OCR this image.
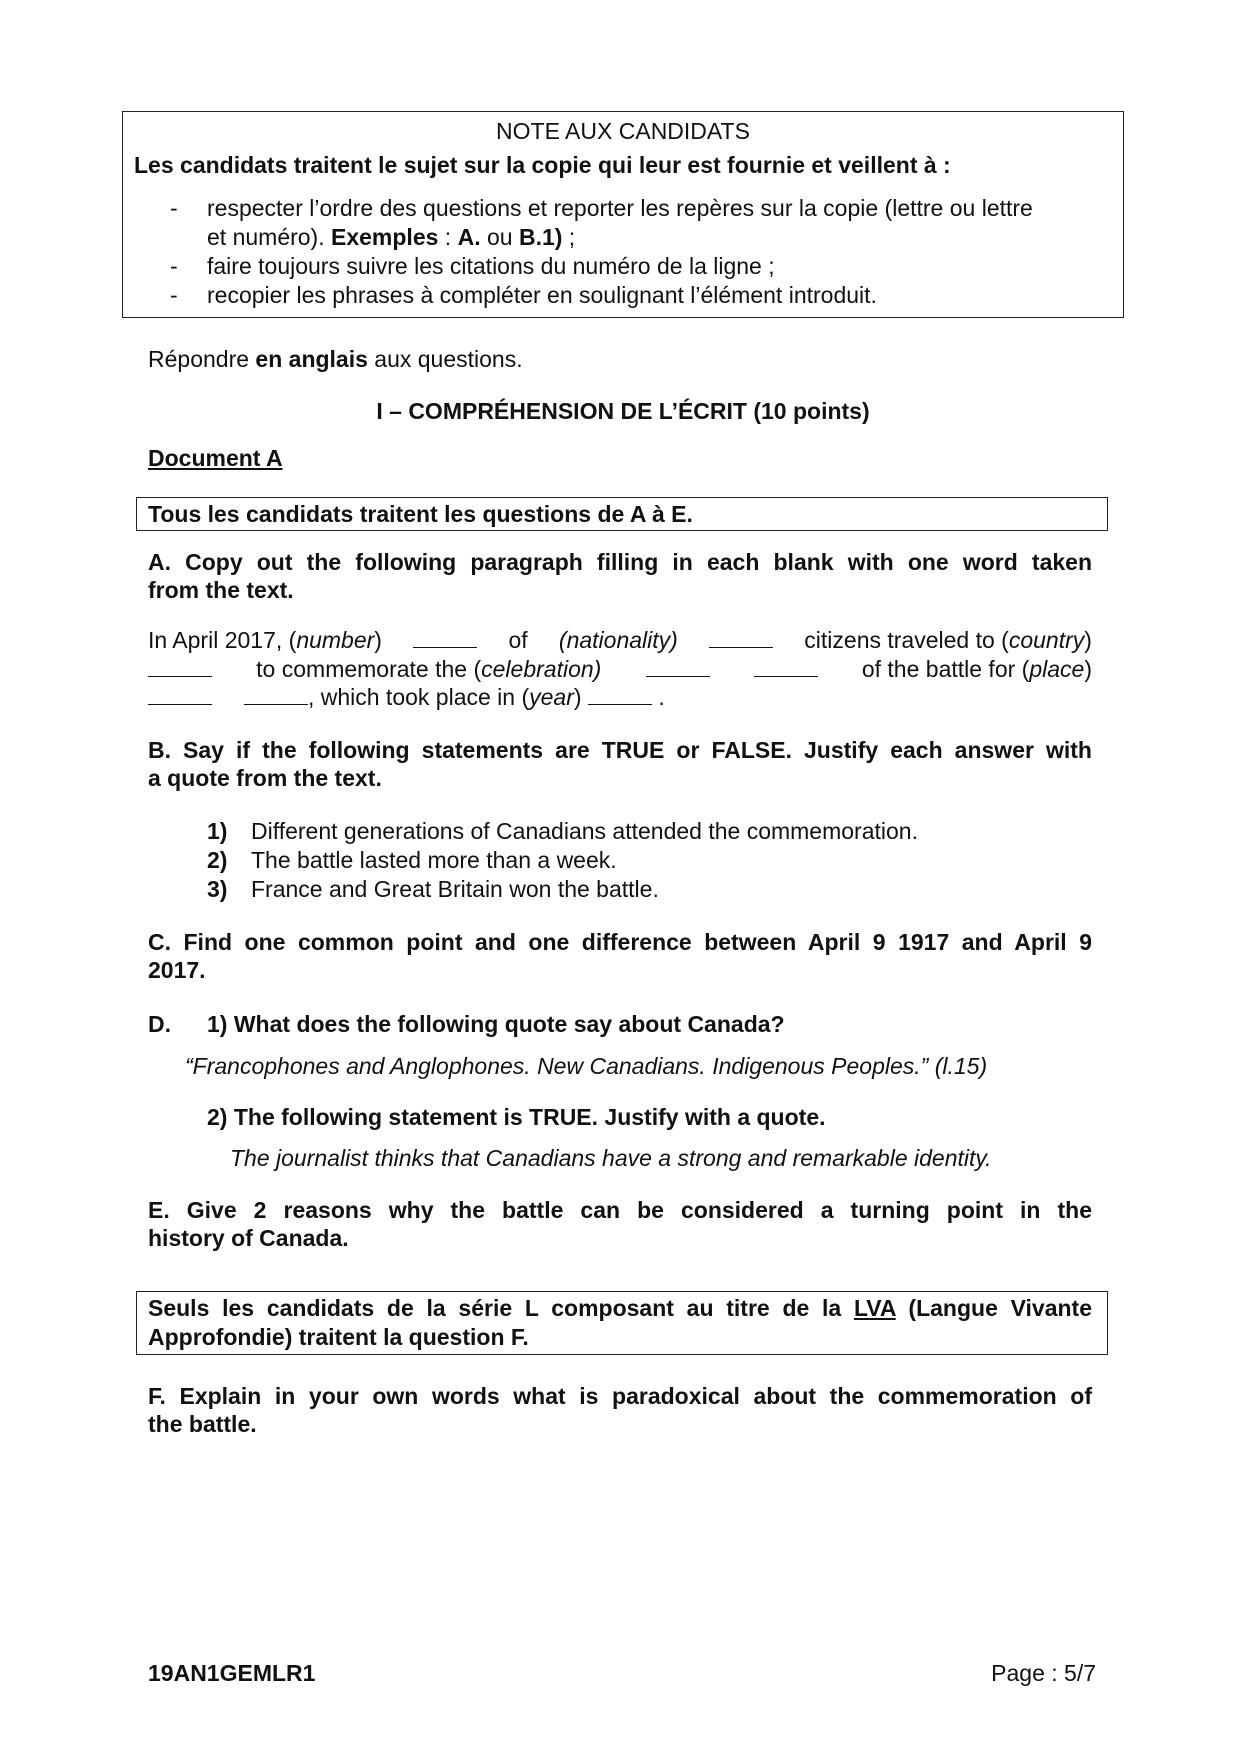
NOTE AUX CANDIDATS
Les candidats traitent le sujet sur la copie qui leur est fournie et veillent à :
-	respecter l’ordre des questions et reporter les repères sur la copie (lettre ou lettre
et numéro). Exemples : A. ou B.1) ;
-	faire toujours suivre les citations du numéro de la ligne ;
-	recopier les phrases à compléter en soulignant l’élément introduit.
Répondre en anglais aux questions.
I – COMPRÉHENSION DE L’ÉCRIT (10 points)
Document A
Tous les candidats traitent les questions de A à E.
A. Copy out the following paragraph filling in each blank with one word taken
from the text.
In April 2017, (number)	of (nationality)	citizens traveled to (country)
to commemorate the (celebration)	of the battle for (place)
, which took place in (year)	.
B. Say if the following statements are TRUE or FALSE. Justify each answer with
a quote from the text.
1) Different generations of Canadians attended the commemoration.
2) The battle lasted more than a week.
3) France and Great Britain won the battle.
C. Find one common point and one difference between April 9 1917 and April 9
2017.
D. 1) What does the following quote say about Canada?
“Francophones and Anglophones. New Canadians. Indigenous Peoples.” (l.15)
2) The following statement is TRUE. Justify with a quote.
The journalist thinks that Canadians have a strong and remarkable identity.
E. Give 2 reasons why the battle can be considered a turning point in the
history of Canada.
Seuls les candidats de la série L composant au titre de la LVA (Langue Vivante
Approfondie) traitent la question F.
F. Explain in your own words what is paradoxical about the commemoration of
the battle.
19AN1GEMLR1	Page : 5/7
